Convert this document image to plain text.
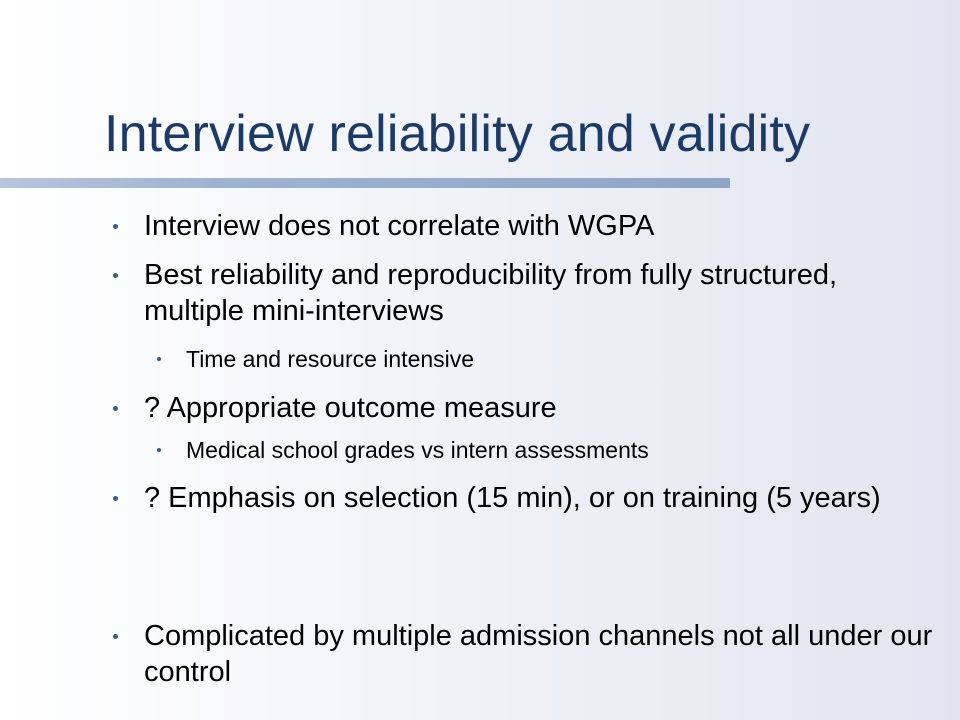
Interview reliability and validity
Interview does not correlate with WGPA
Best reliability and reproducibility from fully structured, multiple mini-interviews
Time and resource intensive
? Appropriate outcome measure
Medical school grades vs intern assessments
? Emphasis on selection (15 min), or on training (5 years)
Complicated by multiple admission channels not all under our control
